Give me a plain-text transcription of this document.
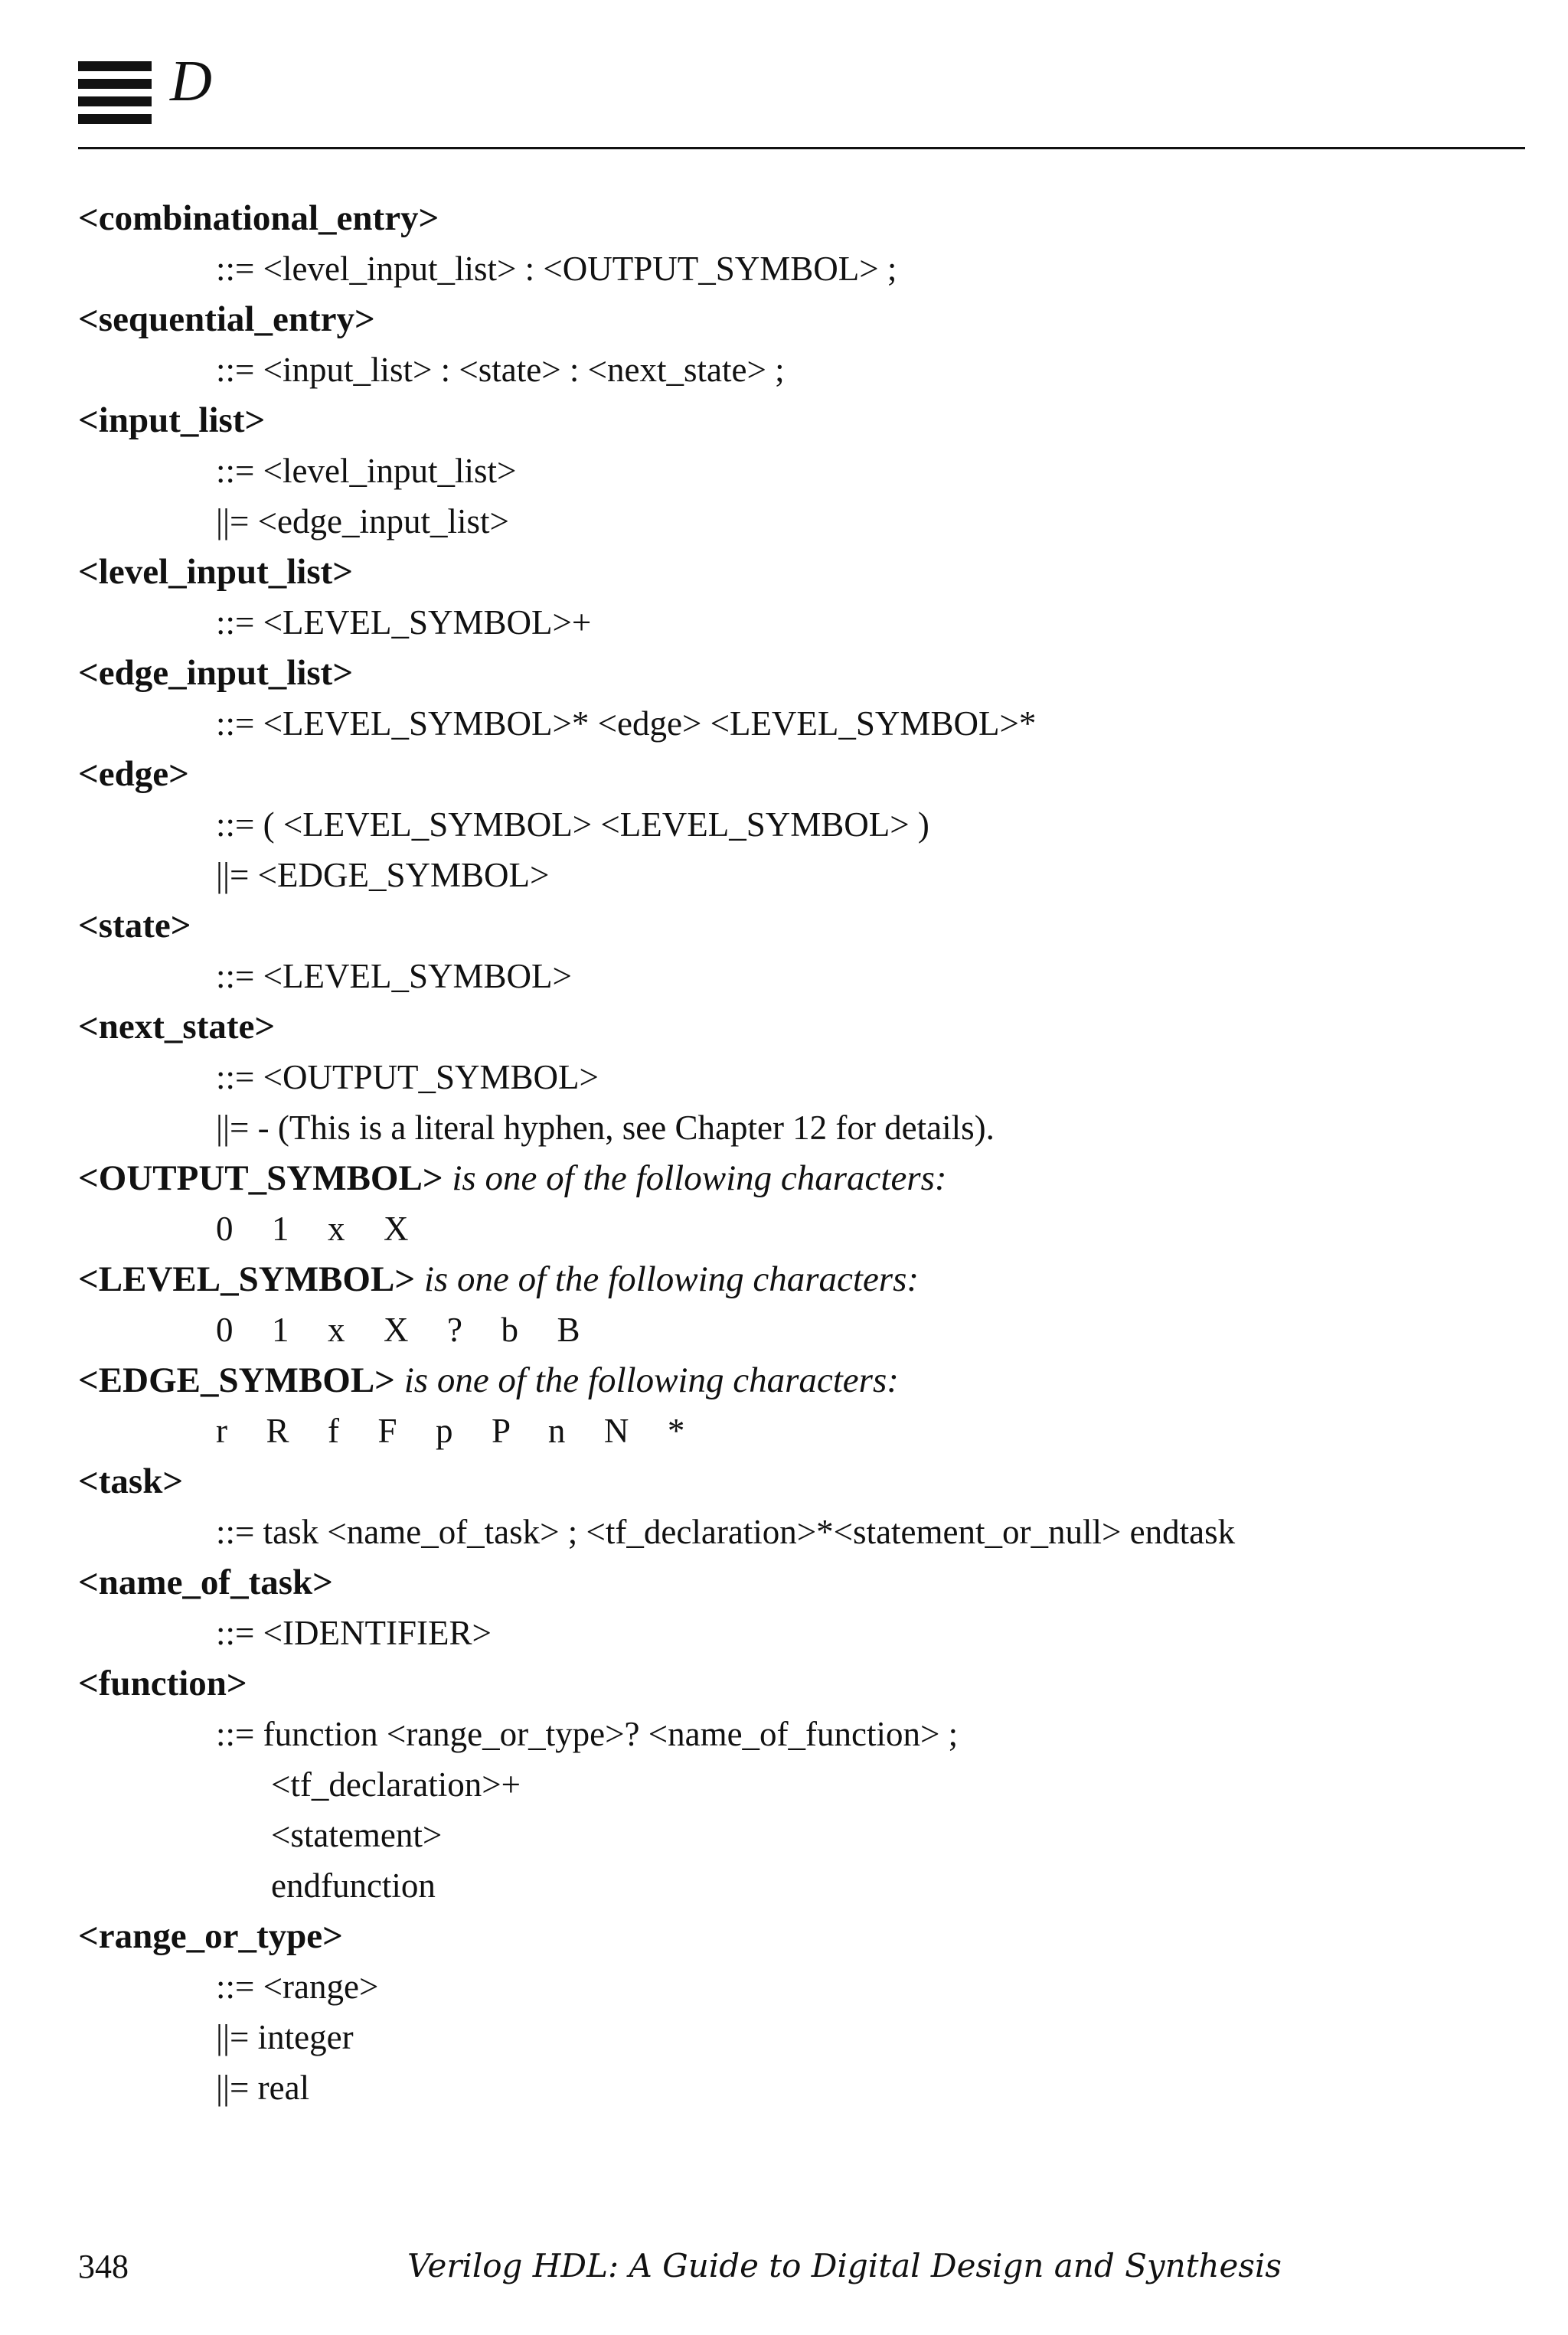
D
<combinational_entry>
::= <level_input_list> : <OUTPUT_SYMBOL> ;
<sequential_entry>
::= <input_list> : <state> : <next_state> ;
<input_list>
::= <level_input_list>
||= <edge_input_list>
<level_input_list>
::= <LEVEL_SYMBOL>+
<edge_input_list>
::= <LEVEL_SYMBOL>* <edge> <LEVEL_SYMBOL>*
<edge>
::= ( <LEVEL_SYMBOL> <LEVEL_SYMBOL> )
||= <EDGE_SYMBOL>
<state>
::= <LEVEL_SYMBOL>
<next_state>
::= <OUTPUT_SYMBOL>
||= - (This is a literal hyphen, see Chapter 12 for details).
<OUTPUT_SYMBOL> is one of the following characters:
0  1  x  X
<LEVEL_SYMBOL> is one of the following characters:
0  1  x  X  ?  b  B
<EDGE_SYMBOL> is one of the following characters:
r  R  f  F  p  P  n  N  *
<task>
::= task <name_of_task> ; <tf_declaration>*<statement_or_null> endtask
<name_of_task>
::= <IDENTIFIER>
<function>
::= function <range_or_type>? <name_of_function> ;
<tf_declaration>+
<statement>
endfunction
<range_or_type>
::= <range>
||= integer
||= real
348	Verilog HDL: A Guide to Digital Design and Synthesis
